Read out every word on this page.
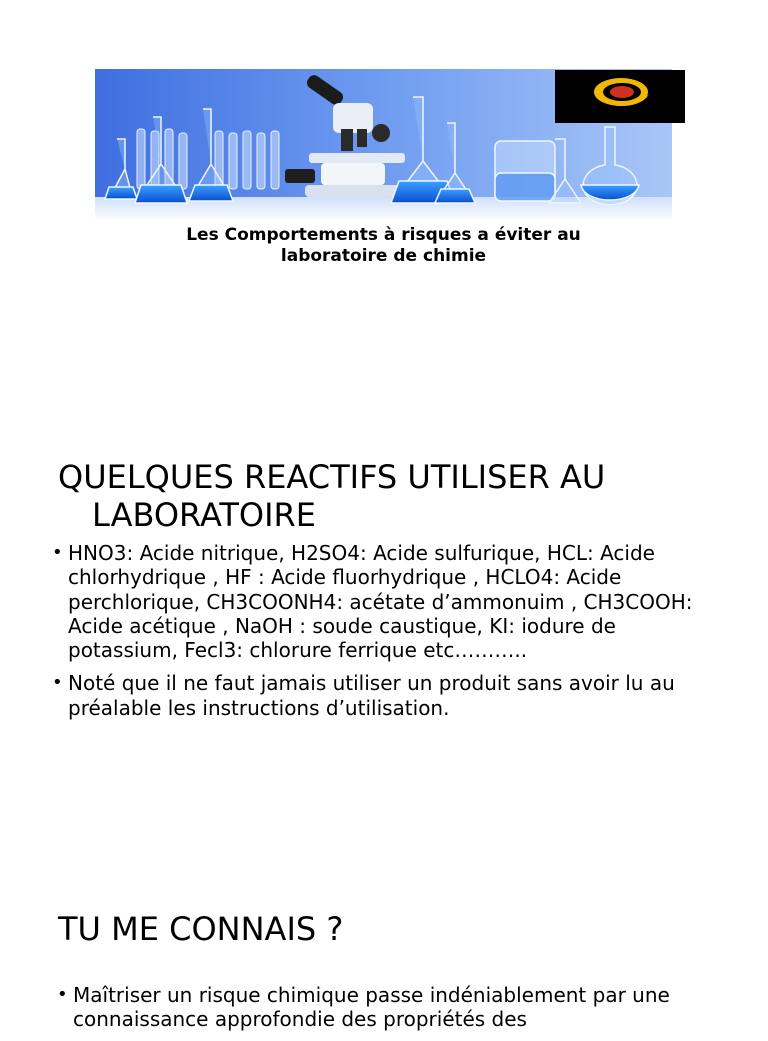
Les Comportements à risques a éviter au
laboratoire de chimie
QUELQUES REACTIFS UTILISER AU
LABORATOIRE
• HNO3: Acide nitrique, H2SO4: Acide sulfurique, HCL: Acide chlorhydrique , HF : Acide fluorhydrique , HCLO4: Acide perchlorique, CH3COONH4: acétate d’ammonuim , CH3COOH: Acide acétique , NaOH : soude caustique, KI: iodure de potassium, Fecl3: chlorure ferrique etc………..
• Noté que il ne faut jamais utiliser un produit sans avoir lu au préalable les instructions d’utilisation.
TU ME CONNAIS ?
• Maîtriser un risque chimique passe indéniablement par une connaissance approfondie des propriétés des
